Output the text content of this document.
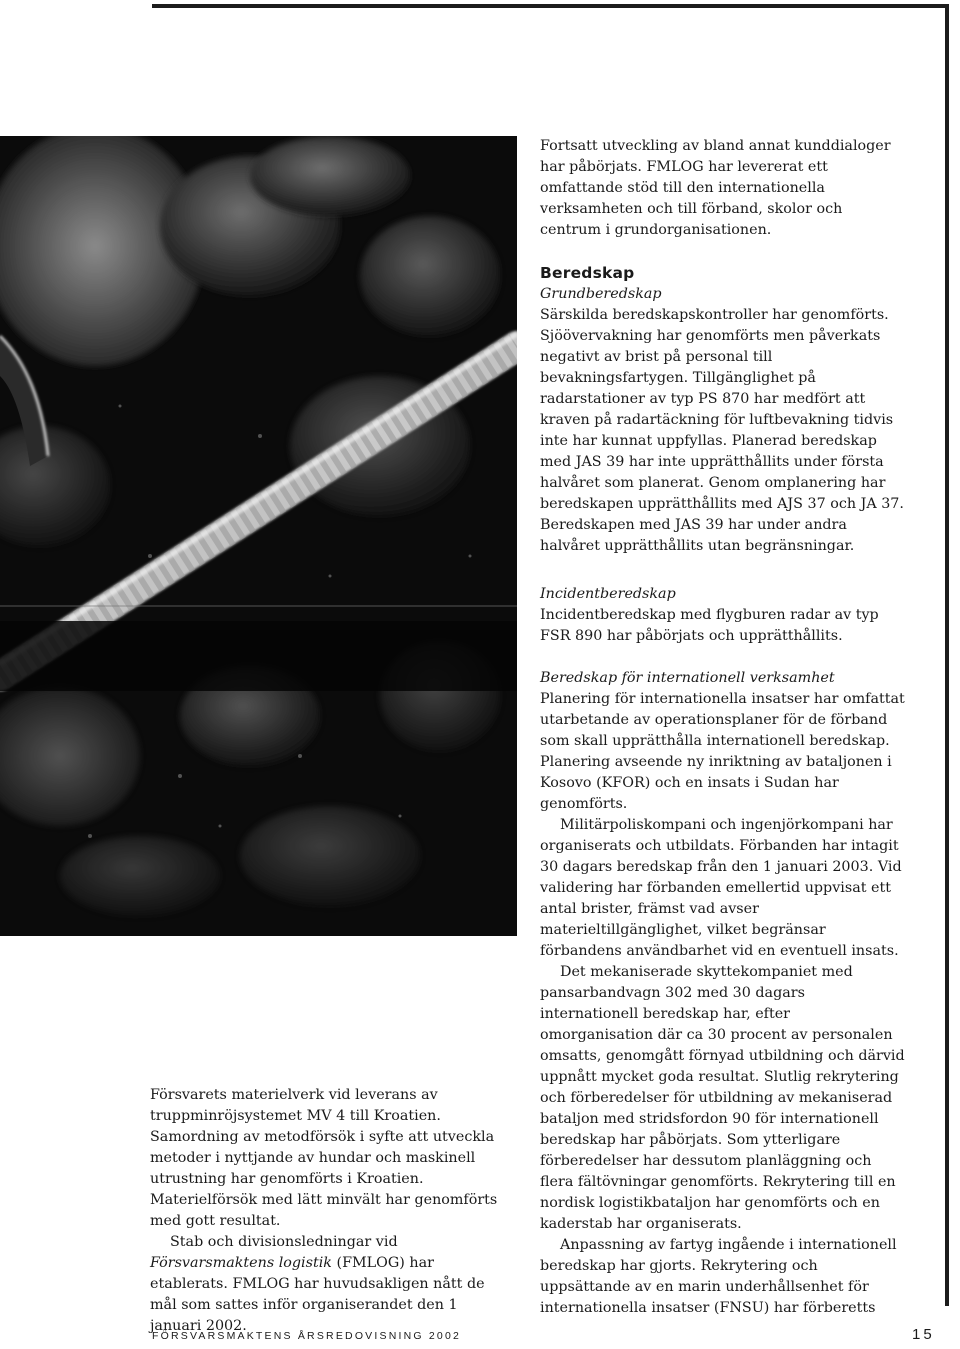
Försvarets materielverk vid leverans av truppminröjsystemet MV 4 till Kroatien. Samordning av metodförsök i syfte att utveckla metoder i nyttjande av hundar och maskinell utrustning har genomförts i Kroatien. Materielförsök med lätt minvält har genomförts med gott resultat.

Stab och divisionsledningar vid Försvarsmaktens logistik (FMLOG) har etablerats. FMLOG har huvudsakligen nått de mål som sattes inför organiserandet den 1 januari 2002.

Fortsatt utveckling av bland annat kunddialoger har påbörjats. FMLOG har levererat ett omfattande stöd till den internationella verksamheten och till förband, skolor och centrum i grundorganisationen.

Beredskap
Grundberedskap

Särskilda beredskapskontroller har genomförts. Sjöövervakning har genomförts men påverkats negativt av brist på personal till bevakningsfartygen. Tillgänglighet på radarstationer av typ PS 870 har medfört att kraven på radartäckning för luftbevakning tidvis inte har kunnat uppfyllas. Planerad beredskap med JAS 39 har inte upprätthållits under första halvåret som planerat. Genom omplanering har beredskapen upprätthållits med AJS 37 och JA 37. Beredskapen med JAS 39 har under andra halvåret upprätthållits utan begränsningar.

Incidentberedskap

Incidentberedskap med flygburen radar av typ FSR 890 har påbörjats och upprätthållits.

Beredskap för internationell verksamhet

Planering för internationella insatser har omfattat utarbetande av operationsplaner för de förband som skall upprätthålla internationell beredskap. Planering avseende ny inriktning av bataljonen i Kosovo (KFOR) och en insats i Sudan har genomförts.

Militärpoliskompani och ingenjörkompani har organiserats och utbildats. Förbanden har intagit 30 dagars beredskap från den 1 januari 2003. Vid validering har förbanden emellertid uppvisat ett antal brister, främst vad avser materieltillgänglighet, vilket begränsar förbandens användbarhet vid en eventuell insats.

Det mekaniserade skyttekompaniet med pansarbandvagn 302 med 30 dagars internationell beredskap har, efter omorganisation där ca 30 procent av personalen omsatts, genomgått förnyad utbildning och därvid uppnått mycket goda resultat. Slutlig rekrytering och förberedelser för utbildning av mekaniserad bataljon med stridsfordon 90 för internationell beredskap har påbörjats. Som ytterligare förberedelser har dessutom planläggning och flera fältövningar genomförts. Rekrytering till en nordisk logistikbataljon har genomförts och en kaderstab har organiserats.

Anpassning av fartyg ingående i internationell beredskap har gjorts. Rekrytering och uppsättande av en marin underhållsenhet för internationella insatser (FNSU) har förberetts

FÖRSVARSMAKTENS ÅRSREDOVISNING 2002	15
